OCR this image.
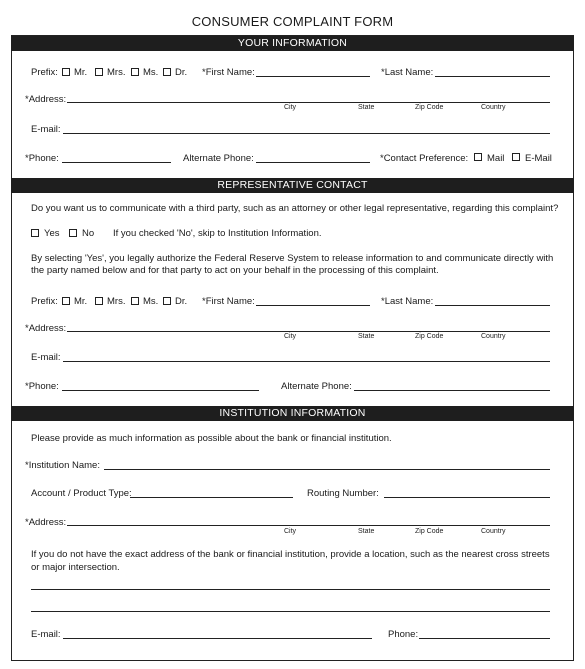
CONSUMER COMPLAINT FORM
YOUR INFORMATION
Prefix: Mr. Mrs. Ms. Dr. *First Name:	*Last Name:
*Address:
City	State	Zip Code	Country
E-mail:
*Phone:	Alternate Phone:	*Contact Preference: Mail E-Mail
REPRESENTATIVE CONTACT
Do you want us to communicate with a third party, such as an attorney or other legal representative, regarding this complaint?
Yes No If you checked 'No', skip to Institution Information.
By selecting 'Yes', you legally authorize the Federal Reserve System to release information to and communicate directly with
the party named below and for that party to act on your behalf in the processing of this complaint.
Prefix: Mr. Mrs. Ms. Dr. *First Name:	*Last Name:
*Address:
City	State	Zip Code	Country
E-mail:
*Phone:	Alternate Phone:
INSTITUTION INFORMATION
Please provide as much information as possible about the bank or financial institution.
*Institution Name:
Account / Product Type:	Routing Number:
*Address:
City	State	Zip Code	Country
If you do not have the exact address of the bank or financial institution, provide a location, such as the nearest cross streets
or major intersection.
E-mail:	Phone:
